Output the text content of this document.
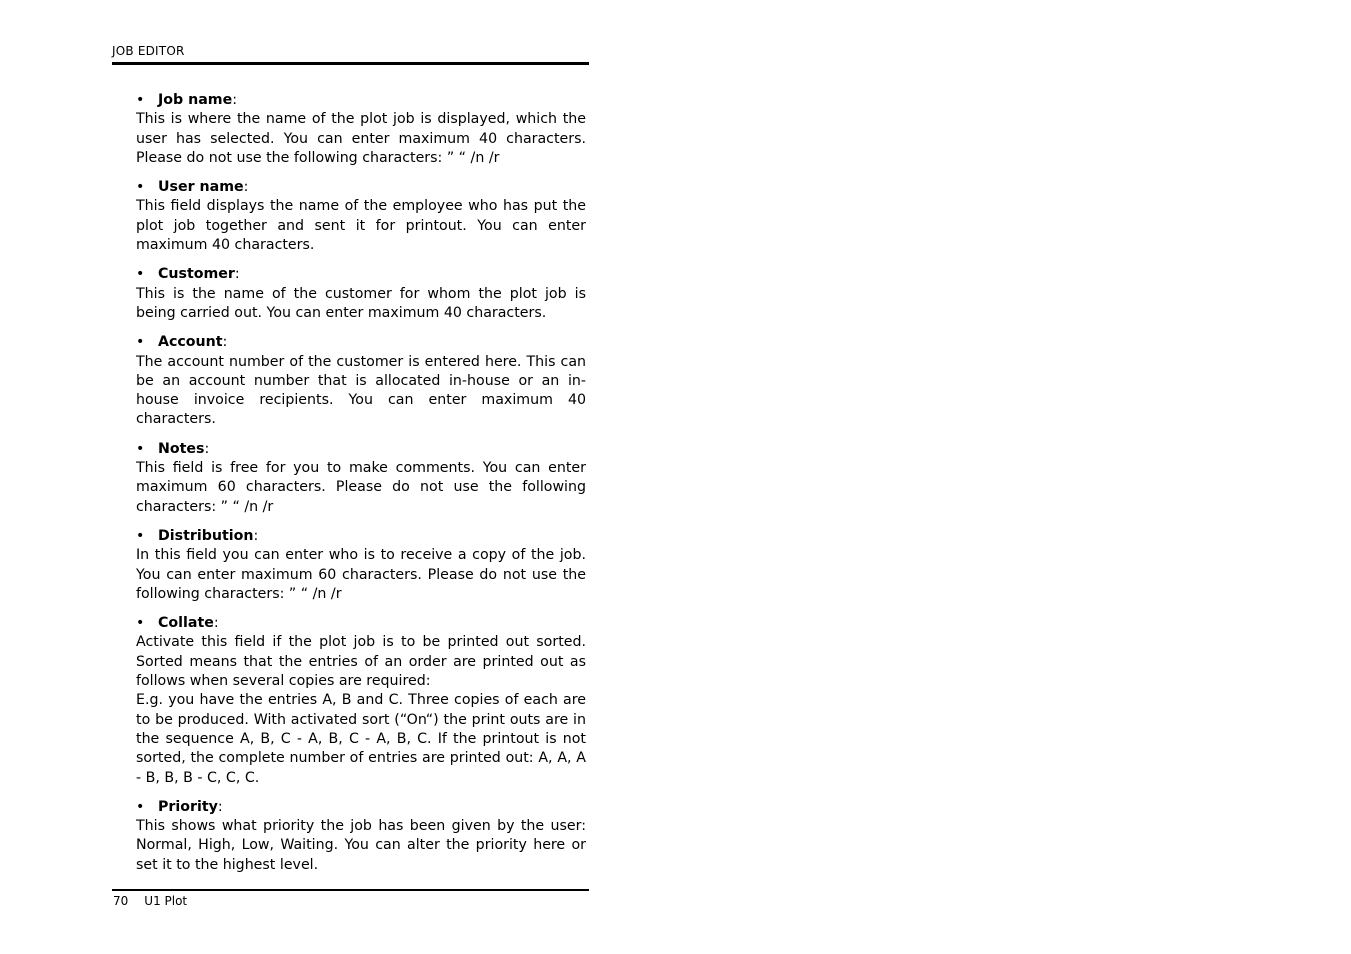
JOB EDITOR
• Job name :

This is where the name of the plot job is displayed, which the user has selected. You can enter maximum 40 characters. Please do not use the following characters: ” “ /n /r

• User name :

This field displays the name of the employee who has put the plot job together and sent it for printout. You can enter maximum 40 characters.

• Customer :

This is the name of the customer for whom the plot job is being carried out. You can enter maximum 40 characters.

• Account :

The account number of the customer is entered here. This can be an account number that is allocated in-house or an in-house invoice recipients. You can enter maximum 40 characters.

• Notes :

This field is free for you to make comments. You can enter maximum 60 characters. Please do not use the following characters: ” “ /n /r

• Distribution :

In this field you can enter who is to receive a copy of the job. You can enter maximum 60 characters. Please do not use the following characters: ” “ /n /r

• Collate :

Activate this field if the plot job is to be printed out sorted. Sorted means that the entries of an order are printed out as follows when several copies are required:

E.g. you have the entries A, B and C. Three copies of each are to be produced. With activated sort (“On“) the print outs are in the sequence A, B, C - A, B, C - A, B, C. If the printout is not sorted, the complete number of entries are printed out: A, A, A - B, B, B - C, C, C.

• Priority :

This shows what priority the job has been given by the user: Normal, High, Low, Waiting. You can alter the priority here or set it to the highest level.

70 U1 Plot
